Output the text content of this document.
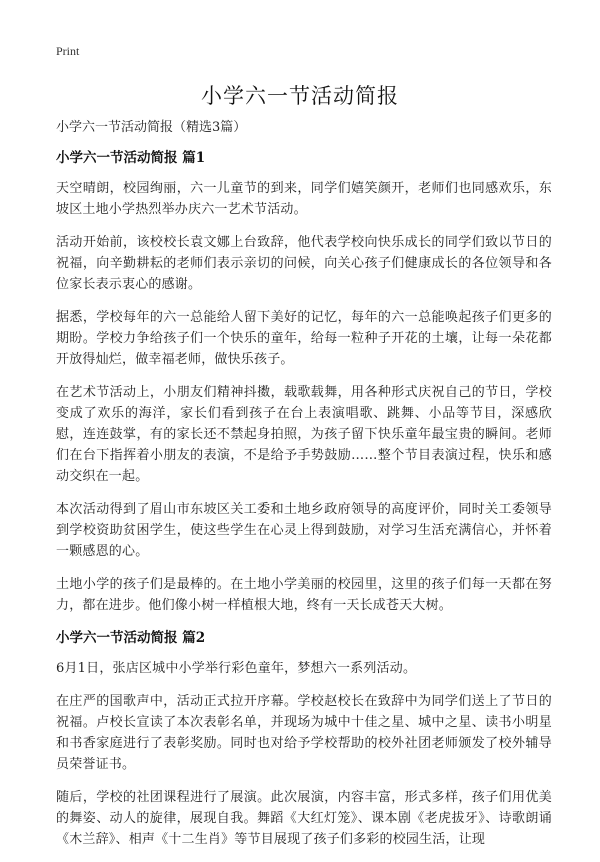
Print
小学六一节活动简报
小学六一节活动简报（精选3篇）
小学六一节活动简报 篇1

天空晴朗，校园绚丽，六一儿童节的到来，同学们嬉笑颜开，老师们也同感欢乐，东坡区土地小学热烈举办庆六一艺术节活动。

活动开始前，该校校长袁文娜上台致辞，他代表学校向快乐成长的同学们致以节日的祝福，向辛勤耕耘的老师们表示亲切的问候，向关心孩子们健康成长的各位领导和各位家长表示衷心的感谢。

据悉，学校每年的六一总能给人留下美好的记忆，每年的六一总能唤起孩子们更多的期盼。学校力争给孩子们一个快乐的童年，给每一粒种子开花的土壤，让每一朵花都开放得灿烂，做幸福老师，做快乐孩子。

在艺术节活动上，小朋友们精神抖擞，载歌载舞，用各种形式庆祝自己的节日，学校变成了欢乐的海洋，家长们看到孩子在台上表演唱歌、跳舞、小品等节目，深感欣慰，连连鼓掌，有的家长还不禁起身拍照，为孩子留下快乐童年最宝贵的瞬间。老师们在台下指挥着小朋友的表演，不是给予手势鼓励……整个节目表演过程，快乐和感动交织在一起。

本次活动得到了眉山市东坡区关工委和土地乡政府领导的高度评价，同时关工委领导到学校资助贫困学生，使这些学生在心灵上得到鼓励，对学习生活充满信心，并怀着一颗感恩的心。

土地小学的孩子们是最棒的。在土地小学美丽的校园里，这里的孩子们每一天都在努力，都在进步。他们像小树一样植根大地，终有一天长成苍天大树。

小学六一节活动简报 篇2

6月1日，张店区城中小学举行彩色童年，梦想六一系列活动。

在庄严的国歌声中，活动正式拉开序幕。学校赵校长在致辞中为同学们送上了节日的祝福。卢校长宣读了本次表彰名单，并现场为城中十佳之星、城中之星、读书小明星和书香家庭进行了表彰奖励。同时也对给予学校帮助的校外社团老师颁发了校外辅导员荣誉证书。

随后，学校的社团课程进行了展演。此次展演，内容丰富，形式多样，孩子们用优美的舞姿、动人的旋律，展现自我。舞蹈《大红灯笼》、课本剧《老虎拔牙》、诗歌朗诵《木兰辞》、相声《十二生肖》等节目展现了孩子们多彩的校园生活，让现
